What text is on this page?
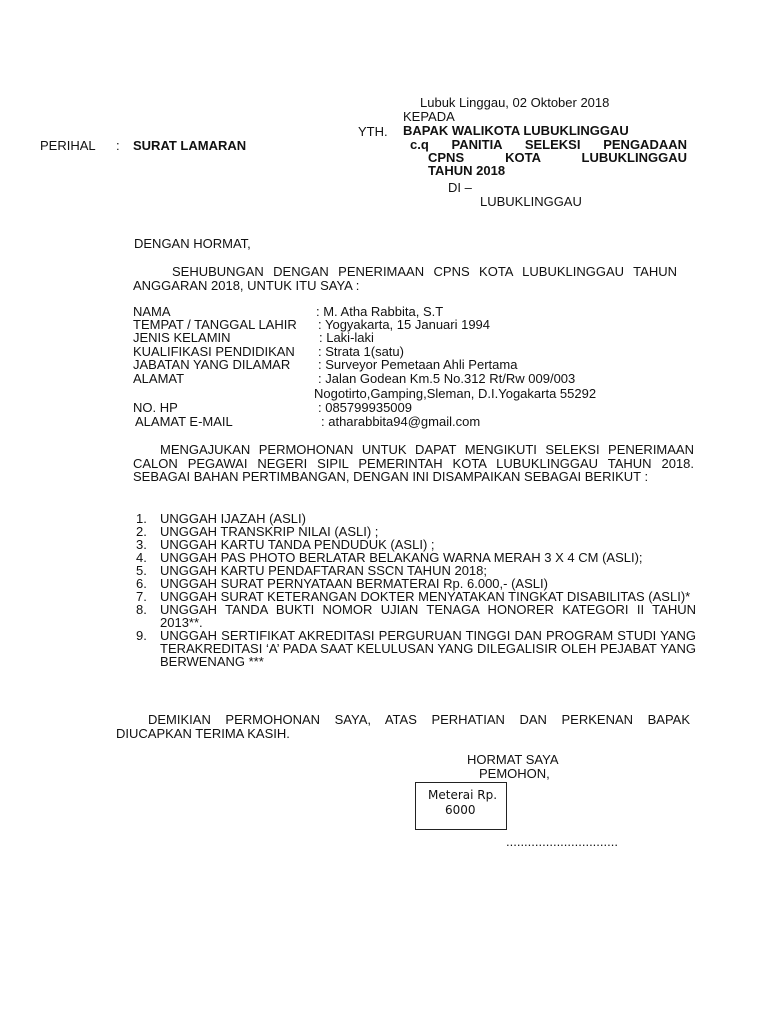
Lubuk Linggau, 02 Oktober 2018
KEPADA
YTH. BAPAK WALIKOTA LUBUKLINGGAU
PERIHAL : SURAT LAMARAN	c.q PANITIA SELEKSI PENGADAAN
CPNS KOTA LUBUKLINGGAU
TAHUN 2018
DI –
LUBUKLINGGAU
DENGAN HORMAT,
SEHUBUNGAN DENGAN PENERIMAAN CPNS KOTA LUBUKLINGGAU TAHUN ANGGARAN 2018, UNTUK ITU SAYA :
NAMA	: M. Atha Rabbita, S.T
TEMPAT / TANGGAL LAHIR : Yogyakarta, 15 Januari 1994
JENIS KELAMIN	: Laki-laki
KUALIFIKASI PENDIDIKAN : Strata 1(satu)
JABATAN YANG DILAMAR : Surveyor Pemetaan Ahli Pertama
ALAMAT	: Jalan Godean Km.5 No.312 Rt/Rw 009/003
Nogotirto,Gamping,Sleman, D.I.Yogakarta 55292
NO. HP	: 085799935009
ALAMAT E-MAIL	: atharabbita94@gmail.com
MENGAJUKAN PERMOHONAN UNTUK DAPAT MENGIKUTI SELEKSI PENERIMAAN CALON PEGAWAI NEGERI SIPIL PEMERINTAH KOTA LUBUKLINGGAU TAHUN 2018. SEBAGAI BAHAN PERTIMBANGAN, DENGAN INI DISAMPAIKAN SEBAGAI BERIKUT :
1. UNGGAH IJAZAH (ASLI)
2. UNGGAH TRANSKRIP NILAI (ASLI) ;
3. UNGGAH KARTU TANDA PENDUDUK (ASLI) ;
4. UNGGAH PAS PHOTO BERLATAR BELAKANG WARNA MERAH 3 X 4 CM (ASLI);
5. UNGGAH KARTU PENDAFTARAN SSCN TAHUN 2018;
6. UNGGAH SURAT PERNYATAAN BERMATERAI Rp. 6.000,- (ASLI)
7. UNGGAH SURAT KETERANGAN DOKTER MENYATAKAN TINGKAT DISABILITAS (ASLI)*
8. UNGGAH TANDA BUKTI NOMOR UJIAN TENAGA HONORER KATEGORI II TAHUN 2013**.
9. UNGGAH SERTIFIKAT AKREDITASI PERGURUAN TINGGI DAN PROGRAM STUDI YANG TERAKREDITASI ‘A’ PADA SAAT KELULUSAN YANG DILEGALISIR OLEH PEJABAT YANG BERWENANG ***
DEMIKIAN PERMOHONAN SAYA, ATAS PERHATIAN DAN PERKENAN BAPAK DIUCAPKAN TERIMA KASIH.
HORMAT SAYA
PEMOHON,
Meterai Rp.
6000
...............................
